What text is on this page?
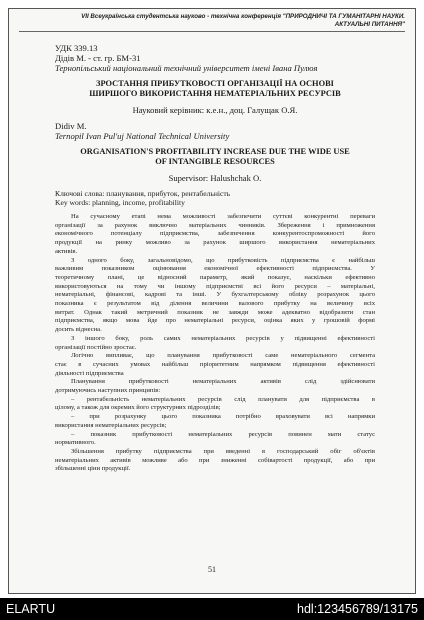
VII Всеукраїнська студентська науково - технічна конференція "ПРИРОДНИЧІ ТА ГУМАНІТАРНІ НАУКИ.
АКТУАЛЬНІ ПИТАННЯ"
УДК 339.13
Дідів М. - ст. гр. БМ-31
Тернопільський національний технічний університет імені Івана Пулюя
ЗРОСТАННЯ ПРИБУТКОВОСТІ ОРГАНІЗАЦІЇ НА ОСНОВІ
ШИРШОГО ВИКОРИСТАННЯ НЕМАТЕРІАЛЬНИХ РЕСУРСІВ
Науковий керівник: к.е.н., доц. Галущак О.Я.
Didiv M.
Ternopil Ivan Pul'uj National Technical University
ORGANISATION'S PROFITABILITY INCREASE DUE THE WIDE USE
OF INTANGIBLE RESOURCES
Supervisor: Halushchak O.
Ключові слова: планування, прибуток, рентабельність
Key words: planning, income, profitability
На сучасному етапі нема можливості забезпечити суттєві конкурентні переваги
організації за рахунок виключно матеріальних чинників. Збереження і примноження
економічного потенціалу підприємства, забезпечення конкурентоспроможності його
продукції на ринку можливо за рахунок ширшого використання нематеріальних
активів.
З одного боку, загальновідомо, що прибутковість підприємства є найбільш
важливим показником оцінювання економічної ефективності підприємства. У
теоретичному плані, це відносний параметр, який показує, наскільки ефективно
використовуються на тому чи іншому підприємстві всі його ресурси – матеріальні,
нематеріальні, фінансові, кадрові та інші. У бухгалтерському обліку розрахунок цього
показника є результатом від ділення величини валового прибутку на величину всіх
витрат. Однак такий метричний показник не завжди може адекватно відобразити стан
підприємства, якщо мова йде про нематеріальні ресурси, оцінка яких у грошовій формі
досить віднесна.
З іншого боку, роль самих нематеріальних ресурсів у підвищенні ефективності
організації постійно зростає.
Логічно випливає, що планування прибутковості саме нематеріального сегмента
стає в сучасних умовах найбільш пріоритетним напрямком підвищення ефективності
діяльності підприємства
Планування прибутковості нематеріальних активів слід здійснювати
дотримуючись наступних принципів:
– рентабельність нематеріальних ресурсів слід планувати для підприємства в
цілому, а також для окремих його структурних підрозділів;
– при розрахунку цього показника потрібно враховувати всі напрямки
використання нематеріальних ресурсів;
– показник прибутковості нематеріальних ресурсів повинен мати статус
нормативного.
Збільшення прибутку підприємства при введенні в господарський обіг об'єктів
нематеріальних активів можливе або при зниженні собівартості продукції, або при
збільшенні ціни продукції.
51
ELARTU	hdl:123456789/13175
